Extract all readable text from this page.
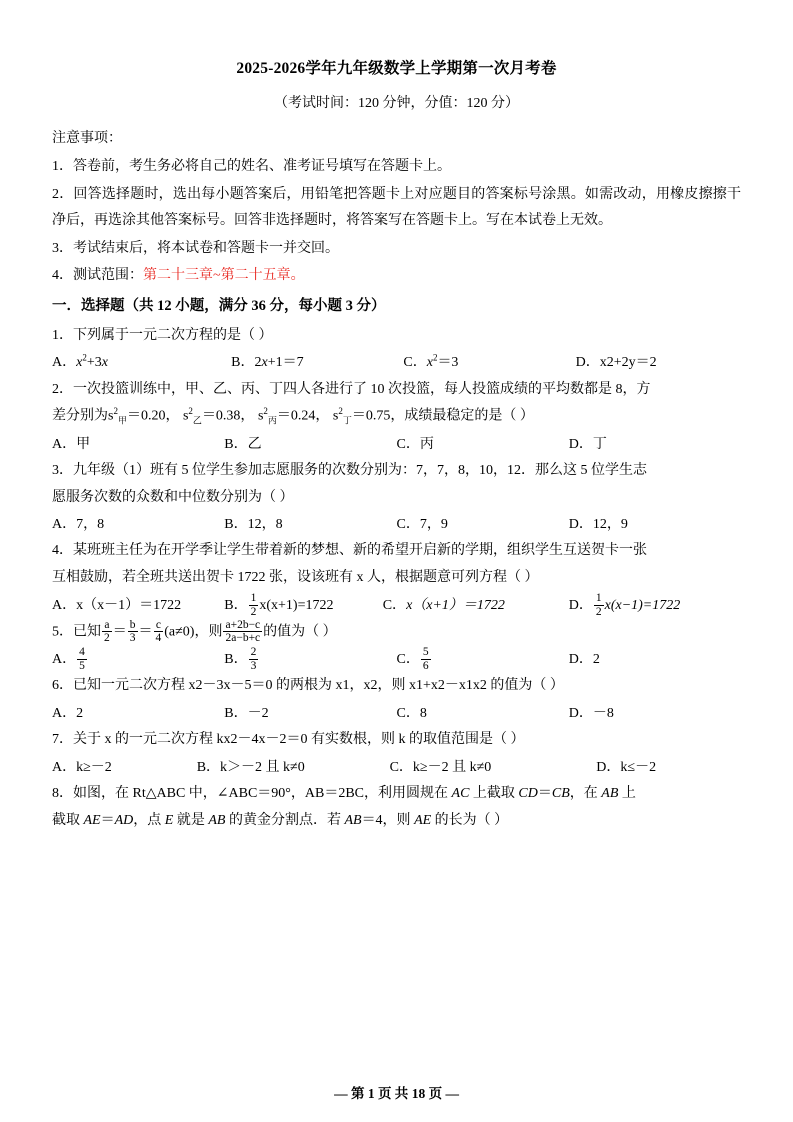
2025-2026学年九年级数学上学期第一次月考卷
（考试时间：120 分钟，分值：120 分）
注意事项：
1．答卷前，考生务必将自己的姓名、准考证号填写在答题卡上。
2．回答选择题时，选出每小题答案后，用铅笔把答题卡上对应题目的答案标号涂黑。如需改动，用橡皮擦擦干净后，再选涂其他答案标号。回答非选择题时，将答案写在答题卡上。写在本试卷上无效。
3．考试结束后，将本试卷和答题卡一并交回。
4．测试范围：第二十三章~第二十五章。
一．选择题（共 12 小题，满分 36 分，每小题 3 分）
1．下列属于一元二次方程的是（ ）
A．$x^2+3x$	B．2x+1＝7	C．$x^2=3$	D．x2+2y＝2
2．一次投篮训练中，甲、乙、丙、丁四人各进行了 10 次投篮，每人投篮成绩的平均数都是 8，方
差分别为$s^2_甲=0.20$， $s^2_乙=0.38$， $s^2_丙=0.24$， $s^2_丁=0.75$，成绩最稳定的是（ ）
A．甲	B．乙	C．丙	D．丁
3．九年级（1）班有 5 位学生参加志愿服务的次数分别为：7，7，8，10，12．那么这 5 位学生志
愿服务次数的众数和中位数分别为（ ）
A．7，8	B．12，8	C．7，9	D．12，9
4．某班班主任为在开学季让学生带着新的梦想、新的希望开启新的学期，组织学生互送贺卡一张
互相鼓励，若全班共送出贺卡 1722 张，设该班有 x 人，根据题意可列方程（ ）
A．x（x－1）＝1722	B． $\frac{1}{2} x(x+1)=1722$	C．x（x+1）＝1722	D． $\frac{1}{2} x(x-1)=1722$
5．已知 $\frac{a}{2} = \frac{b}{3} = \frac{c}{4} (a\ne 0)$，则 $\frac{a+2b-c}{2a-b+c}$ 的值为（ ）
A． $\frac{4}{5}$	B． $\frac{2}{3}$	C． $\frac{5}{6}$	D．2
6．已知一元二次方程 x2－3x－5＝0 的两根为 x1，x2，则 x1+x2－x1x2 的值为（ ）
A．2	B．－2	C．8	D．－8
7．关于 x 的一元二次方程 kx2－4x－2＝0 有实数根，则 k 的取值范围是（ ）
A．k≥－2	B．k＞－2 且 k≠0	C．k≥－2 且 k≠0	D．k≤－2
8．如图，在 Rt△ABC 中，∠ABC＝90°，AB＝2BC，利用圆规在 AC 上截取 CD＝CB，在 AB 上
截取 AE＝AD，点 E 就是 AB 的黄金分割点．若 AB＝4，则 AE 的长为（ ）
— 第 1 页 共 18 页 —
